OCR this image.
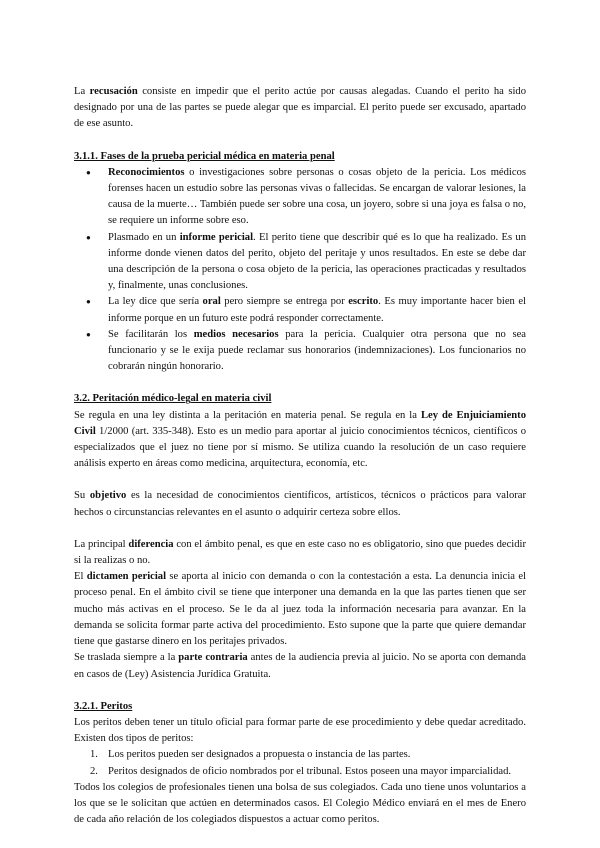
La recusación consiste en impedir que el perito actúe por causas alegadas. Cuando el perito ha sido designado por una de las partes se puede alegar que es imparcial. El perito puede ser excusado, apartado de ese asunto.

3.1.1. Fases de la prueba pericial médica en materia penal
● Reconocimientos o investigaciones sobre personas o cosas objeto de la pericia. Los médicos forenses hacen un estudio sobre las personas vivas o fallecidas. Se encargan de valorar lesiones, la causa de la muerte… También puede ser sobre una cosa, un joyero, sobre si una joya es falsa o no, se requiere un informe sobre eso.
● Plasmado en un informe pericial. El perito tiene que describir qué es lo que ha realizado. Es un informe donde vienen datos del perito, objeto del peritaje y unos resultados. En este se debe dar una descripción de la persona o cosa objeto de la pericia, las operaciones practicadas y resultados y, finalmente, unas conclusiones.
● La ley dice que sería oral pero siempre se entrega por escrito. Es muy importante hacer bien el informe porque en un futuro este podrá responder correctamente.
● Se facilitarán los medios necesarios para la pericia. Cualquier otra persona que no sea funcionario y se le exija puede reclamar sus honorarios (indemnizaciones). Los funcionarios no cobrarán ningún honorario.
3.2. Peritación médico-legal en materia civil

Se regula en una ley distinta a la peritación en materia penal. Se regula en la Ley de Enjuiciamiento Civil 1/2000 (art. 335-348). Esto es un medio para aportar al juicio conocimientos técnicos, científicos o especializados que el juez no tiene por sí mismo. Se utiliza cuando la resolución de un caso requiere análisis experto en áreas como medicina, arquitectura, economía, etc.

Su objetivo es la necesidad de conocimientos científicos, artísticos, técnicos o prácticos para valorar hechos o circunstancias relevantes en el asunto o adquirir certeza sobre ellos.

La principal diferencia con el ámbito penal, es que en este caso no es obligatorio, sino que puedes decidir si la realizas o no.

El dictamen pericial se aporta al inicio con demanda o con la contestación a esta. La denuncia inicia el proceso penal. En el ámbito civil se tiene que interponer una demanda en la que las partes tienen que ser mucho más activas en el proceso. Se le da al juez toda la información necesaria para avanzar. En la demanda se solicita formar parte activa del procedimiento. Esto supone que la parte que quiere demandar tiene que gastarse dinero en los peritajes privados.

Se traslada siempre a la parte contraria antes de la audiencia previa al juicio. No se aporta con demanda en casos de (Ley) Asistencia Jurídica Gratuita.

3.2.1. Peritos

Los peritos deben tener un título oficial para formar parte de ese procedimiento y debe quedar acreditado. Existen dos tipos de peritos:

1. Los peritos pueden ser designados a propuesta o instancia de las partes.
2. Peritos designados de oficio nombrados por el tribunal. Estos poseen una mayor imparcialidad.

Todos los colegios de profesionales tienen una bolsa de sus colegiados. Cada uno tiene unos voluntarios a los que se le solicitan que actúen en determinados casos. El Colegio Médico enviará en el mes de Enero de cada año relación de los colegiados dispuestos a actuar como peritos.
